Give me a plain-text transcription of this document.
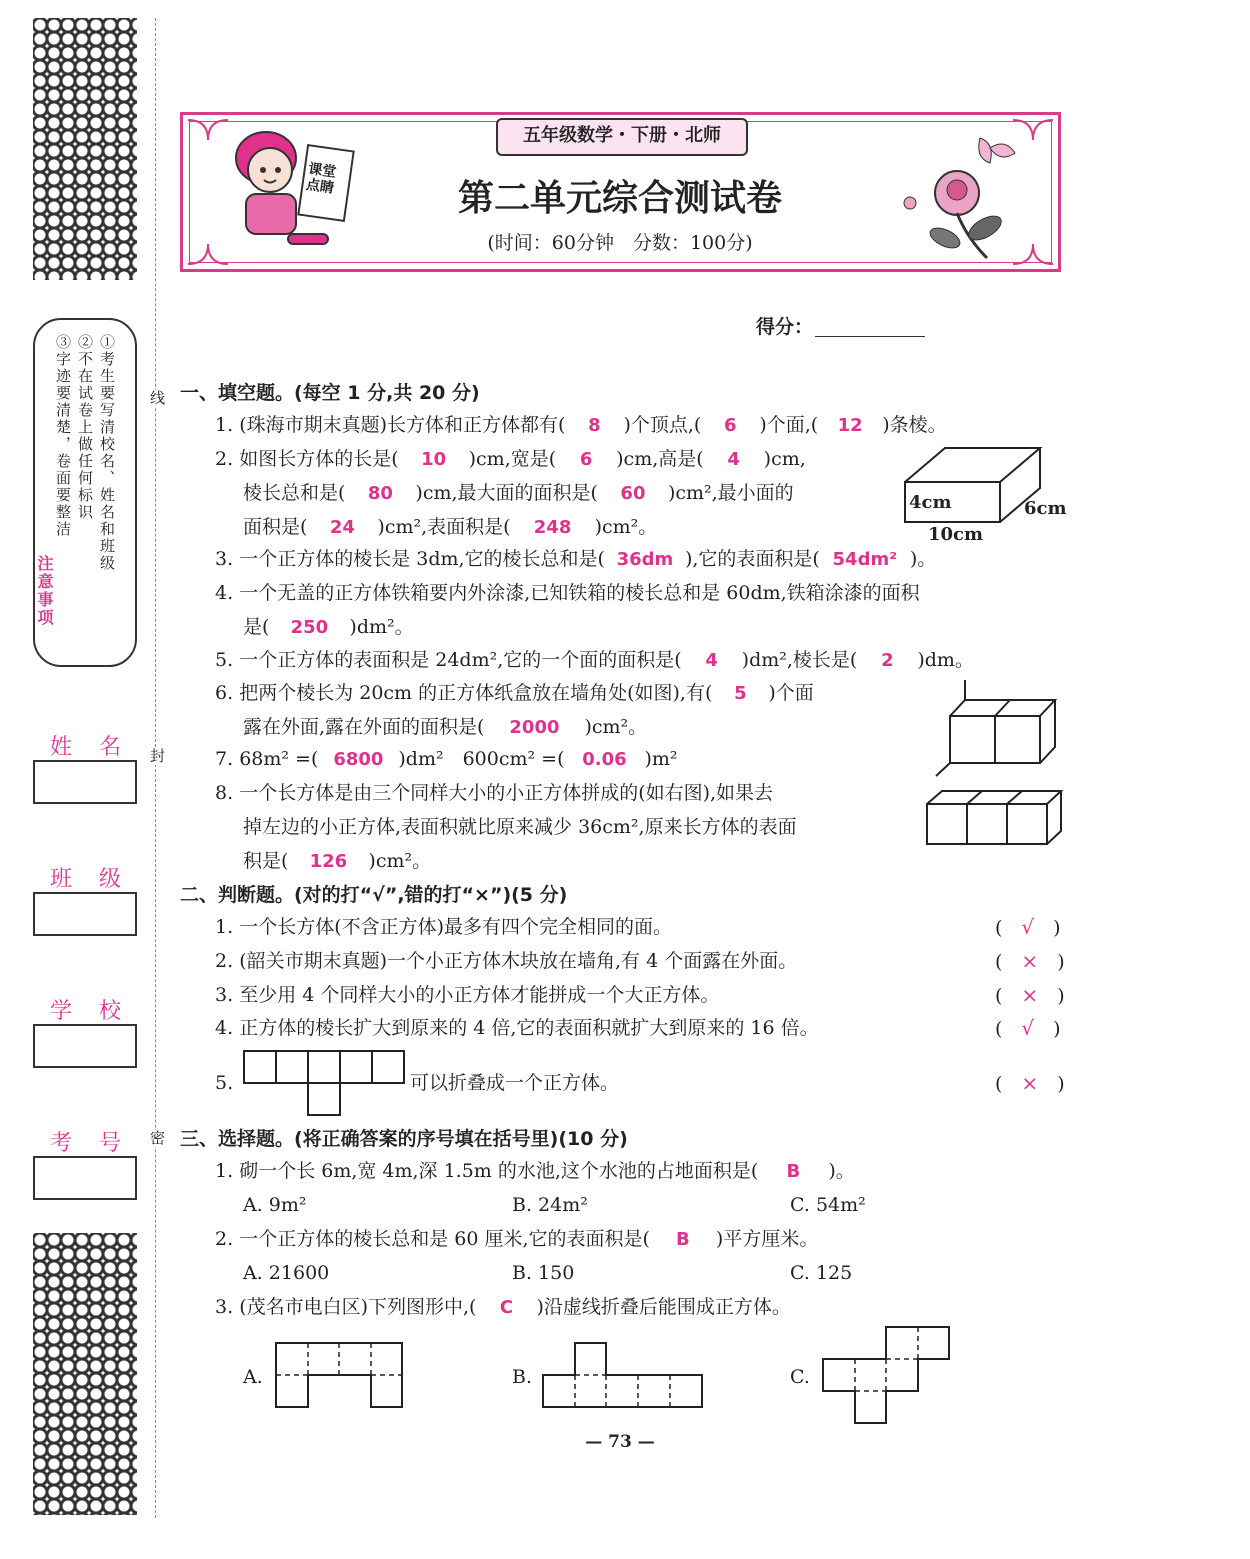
线
封
密
①考生要写清校名、姓名和班级
②不在试卷上做任何标识
③字迹要清楚，卷面要整洁
注意事项
姓 名
班 级
学 校
考 号
课堂点睛
五年级数学・下册・北师
第二单元综合测试卷
(时间：60分钟　分数：100分)
得分：
一、填空题。(每空 1 分,共 20 分)
1. (珠海市期末真题)长方体和正方体都有( 8 )个顶点,( 6 )个面,( 12 )条棱。
2. 如图长方体的长是( 10 )cm,宽是( 6 )cm,高是( 4 )cm,
棱长总和是( 80 )cm,最大面的面积是( 60 )cm²,最小面的
面积是( 24 )cm²,表面积是( 248 )cm²。
4cm
10cm
6cm
3. 一个正方体的棱长是 3dm,它的棱长总和是( 36dm ),它的表面积是( 54dm² )。
4. 一个无盖的正方体铁箱要内外涂漆,已知铁箱的棱长总和是 60dm,铁箱涂漆的面积
是( 250 )dm²。
5. 一个正方体的表面积是 24dm²,它的一个面的面积是( 4 )dm²,棱长是( 2 )dm。
6. 把两个棱长为 20cm 的正方体纸盒放在墙角处(如图),有( 5 )个面
露在外面,露在外面的面积是( 2000 )cm²。
7. 68m² =( 6800 )dm²　600cm² =( 0.06 )m²
8. 一个长方体是由三个同样大小的小正方体拼成的(如右图),如果去
掉左边的小正方体,表面积就比原来减少 36cm²,原来长方体的表面
积是( 126 )cm²。
二、判断题。(对的打“√”,错的打“×”)(5 分)
1. 一个长方体(不含正方体)最多有四个完全相同的面。	(　√　)
2. (韶关市期末真题)一个小正方体木块放在墙角,有 4 个面露在外面。	(　×　)
3. 至少用 4 个同样大小的小正方体才能拼成一个大正方体。	(　×　)
4. 正方体的棱长扩大到原来的 4 倍,它的表面积就扩大到原来的 16 倍。	(　√　)
5.	可以折叠成一个正方体。	(　×　)
三、选择题。(将正确答案的序号填在括号里)(10 分)
1. 砌一个长 6m,宽 4m,深 1.5m 的水池,这个水池的占地面积是( B )。
A. 9m²	B. 24m²	C. 54m²
2. 一个正方体的棱长总和是 60 厘米,它的表面积是( B )平方厘米。
A. 21600	B. 150	C. 125
3. (茂名市电白区)下列图形中,( C )沿虚线折叠后能围成正方体。
A.	B.	C.
— 73 —
